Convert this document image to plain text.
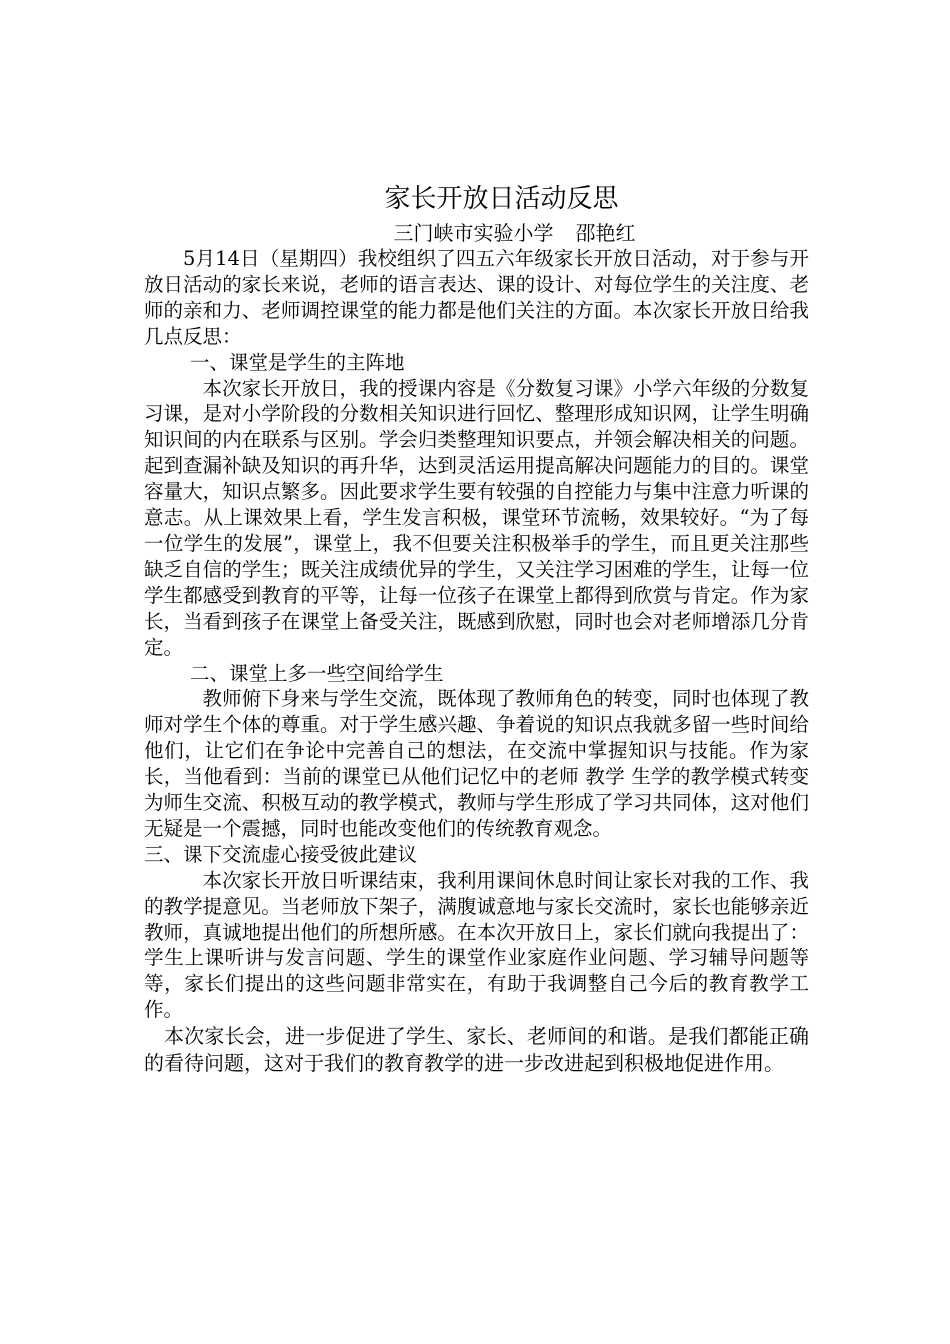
家长开放日活动反思

三门峡市实验小学 邵艳红

5月14日（星期四）我校组织了四五六年级家长开放日活动，对于参与开放日活动的家长来说，老师的语言表达、课的设计、对每位学生的关注度、老师的亲和力、老师调控课堂的能力都是他们关注的方面。本次家长开放日给我几点反思：

一、课堂是学生的主阵地

本次家长开放日，我的授课内容是《分数复习课》小学六年级的分数复习课，是对小学阶段的分数相关知识进行回忆、整理形成知识网，让学生明确知识间的内在联系与区别。学会归类整理知识要点，并领会解决相关的问题。起到查漏补缺及知识的再升华，达到灵活运用提高解决问题能力的目的。课堂容量大，知识点繁多。因此要求学生要有较强的自控能力与集中注意力听课的意志。从上课效果上看，学生发言积极，课堂环节流畅，效果较好。“为了每一位学生的发展”，课堂上，我不但要关注积极举手的学生，而且更关注那些缺乏自信的学生；既关注成绩优异的学生，又关注学习困难的学生，让每一位学生都感受到教育的平等，让每一位孩子在课堂上都得到欣赏与肯定。作为家长，当看到孩子在课堂上备受关注，既感到欣慰，同时也会对老师增添几分肯定。

二、课堂上多一些空间给学生

教师俯下身来与学生交流，既体现了教师角色的转变，同时也体现了教师对学生个体的尊重。对于学生感兴趣、争着说的知识点我就多留一些时间给他们，让它们在争论中完善自己的想法，在交流中掌握知识与技能。作为家长，当他看到：当前的课堂已从他们记忆中的老师 教学 生学的教学模式转变为师生交流、积极互动的教学模式，教师与学生形成了学习共同体，这对他们无疑是一个震撼，同时也能改变他们的传统教育观念。

三、课下交流虚心接受彼此建议

本次家长开放日听课结束，我利用课间休息时间让家长对我的工作、我的教学提意见。当老师放下架子，满腹诚意地与家长交流时，家长也能够亲近教师，真诚地提出他们的所想所感。在本次开放日上，家长们就向我提出了：学生上课听讲与发言问题、学生的课堂作业家庭作业问题、学习辅导问题等等，家长们提出的这些问题非常实在，有助于我调整自己今后的教育教学工作。

本次家长会，进一步促进了学生、家长、老师间的和谐。是我们都能正确的看待问题，这对于我们的教育教学的进一步改进起到积极地促进作用。
